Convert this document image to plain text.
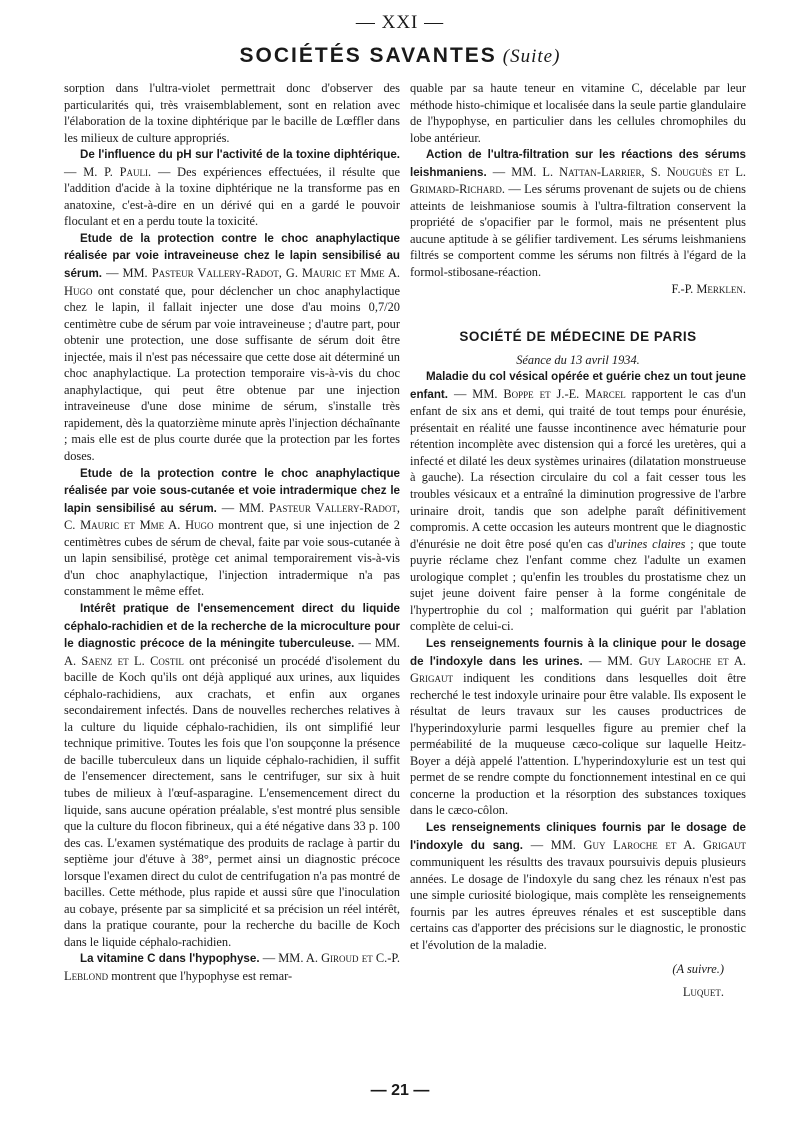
— XXI —
SOCIÉTÉS SAVANTES (Suite)

sorption dans l'ultra-violet permettrait donc d'observer des particularités qui, très vraisemblablement, sont en relation avec l'élaboration de la toxine diphtérique par le bacille de Lœffler dans les milieux de culture appropriés.

De l'influence du pH sur l'activité de la toxine diphtérique. — M. P. Pauli. — Des expériences effectuées, il résulte que l'addition d'acide à la toxine diphtérique ne la transforme pas en anatoxine, c'est-à-dire en un dérivé qui en a gardé le pouvoir floculant et en a perdu toute la toxicité.

Etude de la protection contre le choc anaphylactique réalisée par voie intraveineuse chez le lapin sensibilisé au sérum. — MM. Pasteur Vallery-Radot, G. Mauric et Mme A. Hugo ont constaté que, pour déclencher un choc anaphylactique chez le lapin, il fallait injecter une dose d'au moins 0,7/20 centimètre cube de sérum par voie intraveineuse ; d'autre part, pour obtenir une protection, une dose suffisante de sérum doit être injectée, mais il n'est pas nécessaire que cette dose ait déterminé un choc anaphylactique. La protection temporaire vis-à-vis du choc anaphylactique, qui peut être obtenue par une injection intraveineuse d'une dose minime de sérum, s'installe très rapidement, dès la quatorzième minute après l'injection déchaînante ; mais elle est de plus courte durée que la protection par les fortes doses.

Etude de la protection contre le choc anaphylactique réalisée par voie sous-cutanée et voie intradermique chez le lapin sensibilisé au sérum. — MM. Pasteur Vallery-Radot, C. Mauric et Mme A. Hugo montrent que, si une injection de 2 centimètres cubes de sérum de cheval, faite par voie sous-cutanée à un lapin sensibilisé, protège cet animal temporairement vis-à-vis d'un choc anaphylactique, l'injection intradermique n'a pas constamment le même effet.

Intérêt pratique de l'ensemencement direct du liquide céphalo-rachidien et de la recherche de la microculture pour le diagnostic précoce de la méningite tuberculeuse. — MM. A. Saenz et L. Costil ont préconisé un procédé d'isolement du bacille de Koch qu'ils ont déjà appliqué aux urines, aux liquides céphalo-rachidiens, aux crachats, et enfin aux organes secondairement infectés. Dans de nouvelles recherches relatives à la culture du liquide céphalo-rachidien, ils ont simplifié leur technique primitive. Toutes les fois que l'on soupçonne la présence de bacille tuberculeux dans un liquide céphalo-rachidien, il suffit de l'ensemencer directement, sans le centrifuger, sur six à huit tubes de milieux à l'œuf-asparagine. L'ensemencement direct du liquide, sans aucune opération préalable, s'est montré plus sensible que la culture du flocon fibrineux, qui a été négative dans 33 p. 100 des cas. L'examen systématique des produits de raclage à partir du septième jour d'étuve à 38°, permet ainsi un diagnostic précoce lorsque l'examen direct du culot de centrifugation n'a pas montré de bacilles. Cette méthode, plus rapide et aussi sûre que l'inoculation au cobaye, présente par sa simplicité et sa précision un réel intérêt, dans la pratique courante, pour la recherche du bacille de Koch dans le liquide céphalo-rachidien.

La vitamine C dans l'hypophyse. — MM. A. Giroud et C.-P. Leblond montrent que l'hypophyse est remar-

quable par sa haute teneur en vitamine C, décelable par leur méthode histo-chimique et localisée dans la seule partie glandulaire de l'hypophyse, en particulier dans les cellules chromophiles du lobe antérieur.

Action de l'ultra-filtration sur les réactions des sérums leishmaniens. — MM. L. Nattan-Larrier, S. Nouguès et L. Grimard-Richard. — Les sérums provenant de sujets ou de chiens atteints de leishmaniose soumis à l'ultra-filtration conservent la propriété de s'opacifier par le formol, mais ne présentent plus aucune aptitude à se gélifier tardivement. Les sérums leishmaniens filtrés se comportent comme les sérums non filtrés à l'égard de la formol-stibosane-réaction.

F.-P. Merklen.

SOCIÉTÉ DE MÉDECINE DE PARIS

Séance du 13 avril 1934.

Maladie du col vésical opérée et guérie chez un tout jeune enfant. — MM. Boppe et J.-E. Marcel rapportent le cas d'un enfant de six ans et demi, qui traité de tout temps pour énurésie, présentait en réalité une fausse incontinence avec hématurie pour rétention incomplète avec distension qui a forcé les uretères, qui a infecté et dilaté les deux systèmes urinaires (dilatation monstrueuse à gauche). La résection circulaire du col a fait cesser tous les troubles vésicaux et a entraîné la diminution progressive de l'arbre urinaire droit, tandis que son adelphe paraît définitivement compromis. A cette occasion les auteurs montrent que le diagnostic d'énurésie ne doit être posé qu'en cas d'urines claires ; que toute puyrie réclame chez l'enfant comme chez l'adulte un examen urologique complet ; qu'enfin les troubles du prostatisme chez un sujet jeune doivent faire penser à la forme congénitale de l'hypertrophie du col ; malformation qui guérit par l'ablation complète de celui-ci.

Les renseignements fournis à la clinique pour le dosage de l'indoxyle dans les urines. — MM. Guy Laroche et A. Grigaut indiquent les conditions dans lesquelles doit être recherché le test indoxyle urinaire pour être valable. Ils exposent le résultat de leurs travaux sur les causes productrices de l'hyperindoxylurie parmi lesquelles figure au premier chef la perméabilité de la muqueuse cæco-colique sur laquelle Heitz-Boyer a déjà appelé l'attention. L'hyperindoxylurie est un test qui permet de se rendre compte du fonctionnement intestinal en ce qui concerne la production et la résorption des substances toxiques dans le cæco-côlon.

Les renseignements cliniques fournis par le dosage de l'indoxyle du sang. — MM. Guy Laroche et A. Grigaut communiquent les résultts des travaux poursuivis depuis plusieurs années. Le dosage de l'indoxyle du sang chez les rénaux n'est pas une simple curiosité biologique, mais complète les renseignements fournis par les autres épreuves rénales et est susceptible dans certains cas d'apporter des précisions sur le diagnostic, le pronostic et l'évolution de la maladie.

(A suivre.)

Luquet.

— 21 —
